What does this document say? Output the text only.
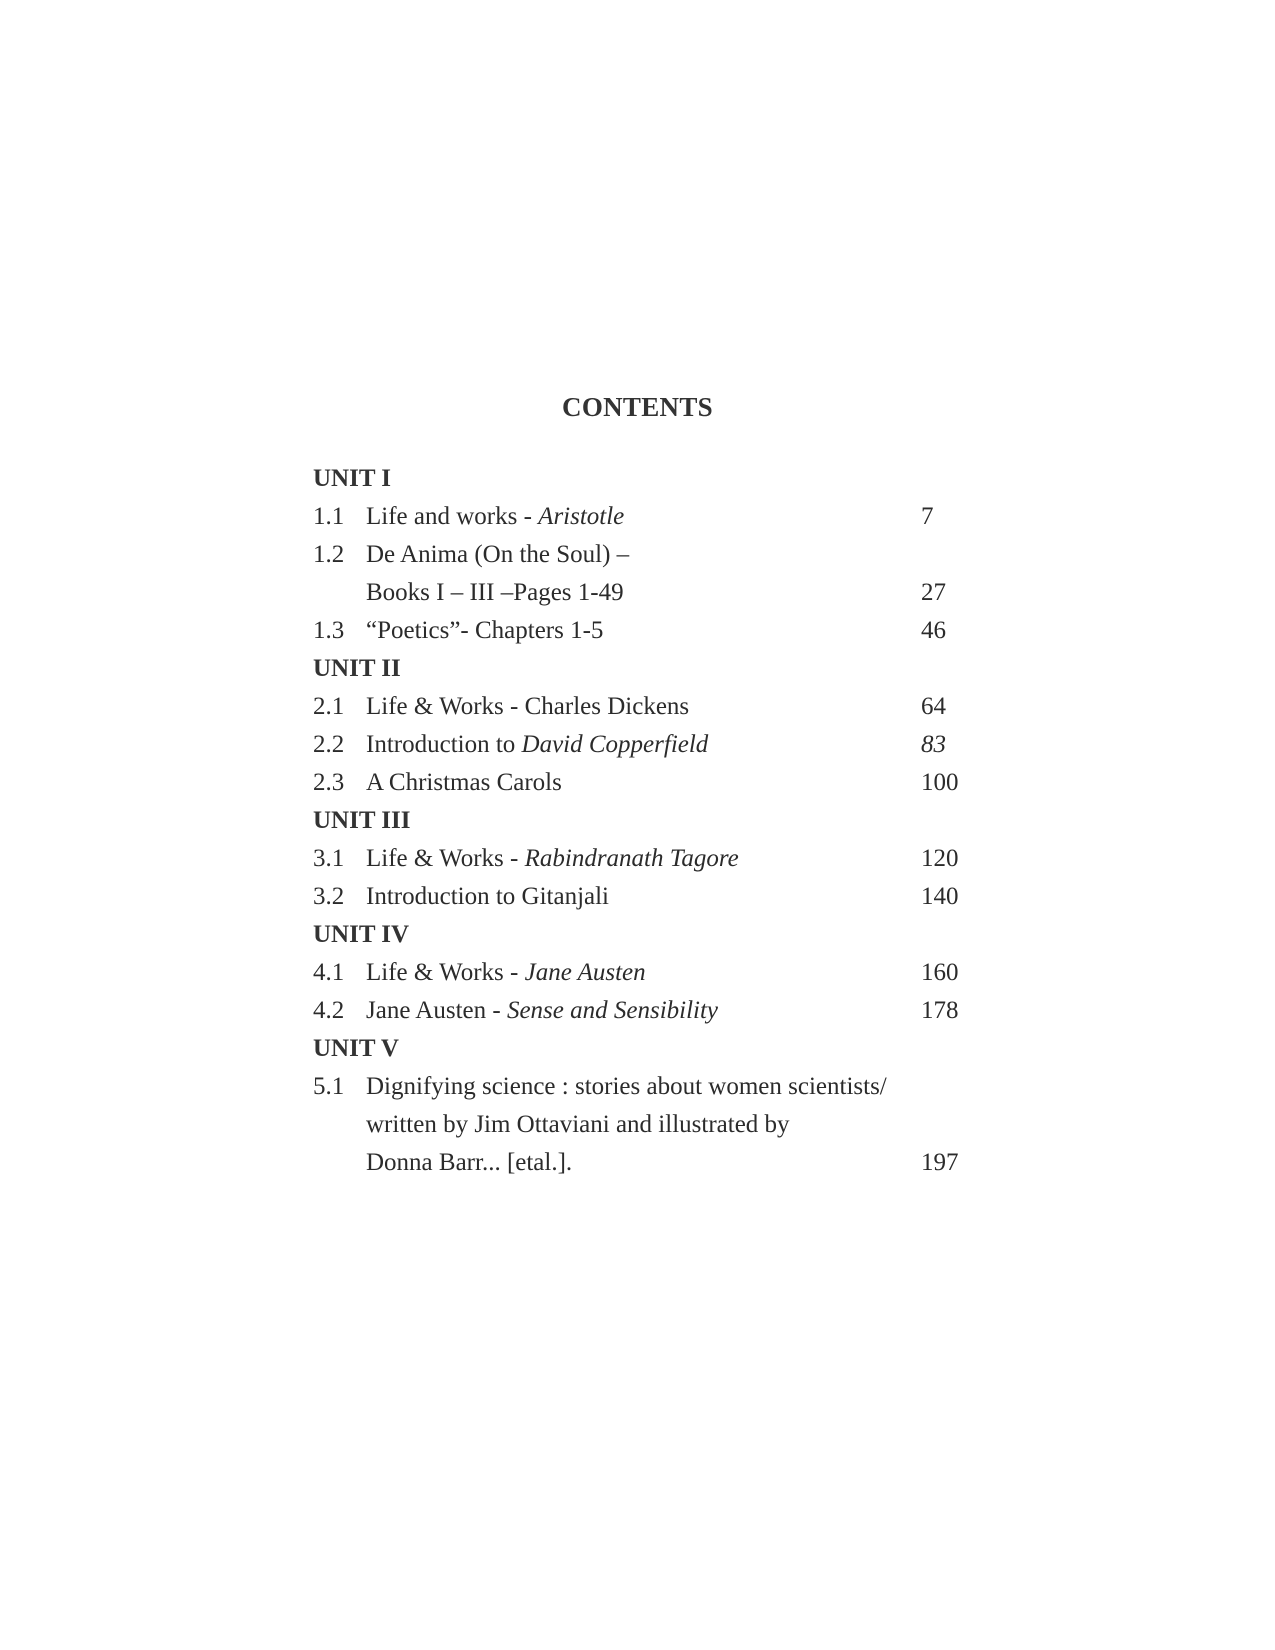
CONTENTS
UNIT I
1.1 Life and works - Aristotle	7
1.2 De Anima (On the Soul) –
Books I – III –Pages 1-49	27
1.3 “Poetics”- Chapters 1-5	46
UNIT II
2.1 Life & Works - Charles Dickens	64
2.2 Introduction to David Copperfield	83
2.3 A Christmas Carols	100
UNIT III
3.1 Life & Works - Rabindranath Tagore	120
3.2 Introduction to Gitanjali	140
UNIT IV
4.1 Life & Works - Jane Austen	160
4.2 Jane Austen - Sense and Sensibility	178
UNIT V
5.1 Dignifying science : stories about women scientists/
written by Jim Ottaviani and illustrated by
Donna Barr... [etal.].	197
